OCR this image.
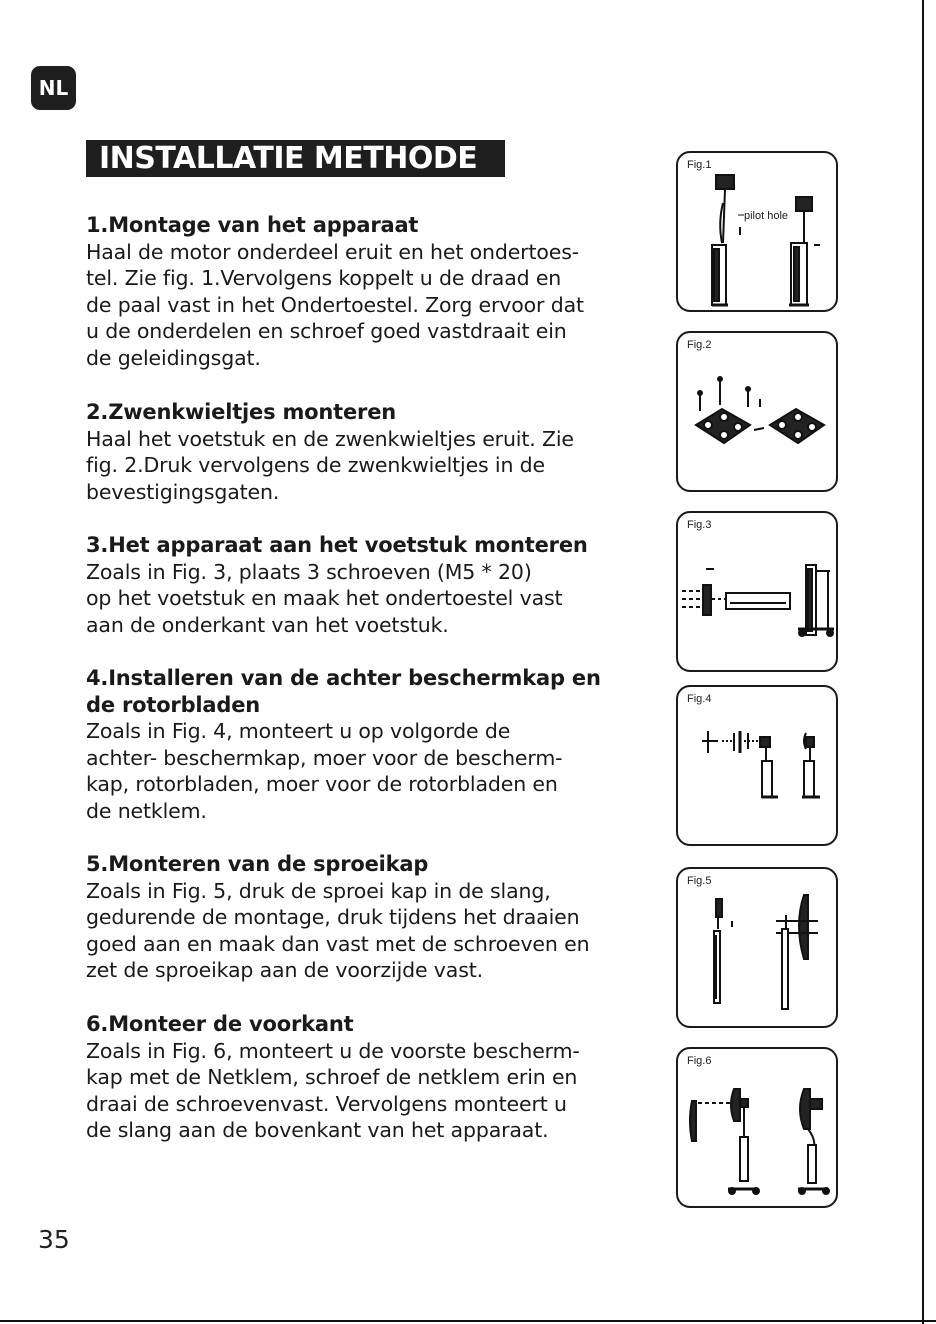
NL
INSTALLATIE METHODE
1.Montage van het apparaat

Haal de motor onderdeel eruit en het ondertoes-

tel. Zie fig. 1.Vervolgens koppelt u de draad en

de paal vast in het Ondertoestel. Zorg ervoor dat

u de onderdelen en schroef goed vastdraait ein

de geleidingsgat.

2.Zwenkwieltjes monteren

Haal het voetstuk en de zwenkwieltjes eruit. Zie

fig. 2.Druk vervolgens de zwenkwieltjes in de

bevestigingsgaten.

3.Het apparaat aan het voetstuk monteren

Zoals in Fig. 3, plaats 3 schroeven (M5 * 20)

op het voetstuk en maak het ondertoestel vast

aan de onderkant van het voetstuk.

4.Installeren van de achter beschermkap en de rotorbladen

Zoals in Fig. 4, monteert u op volgorde de

achter- beschermkap, moer voor de bescherm-

kap, rotorbladen, moer voor de rotorbladen en

de netklem.

5.Monteren van de sproeikap

Zoals in Fig. 5, druk de sproei kap in de slang,

gedurende de montage, druk tijdens het draaien

goed aan en maak dan vast met de schroeven en

zet de sproeikap aan de voorzijde vast.

6.Monteer de voorkant

Zoals in Fig. 6, monteert u de voorste bescherm-

kap met de Netklem, schroef de netklem erin en

draai de schroevenvast. Vervolgens monteert u

de slang aan de bovenkant van het apparaat.

35
Fig.1
pilot hole
Fig.2
Fig.3
Fig.4
Fig.5
Fig.6
